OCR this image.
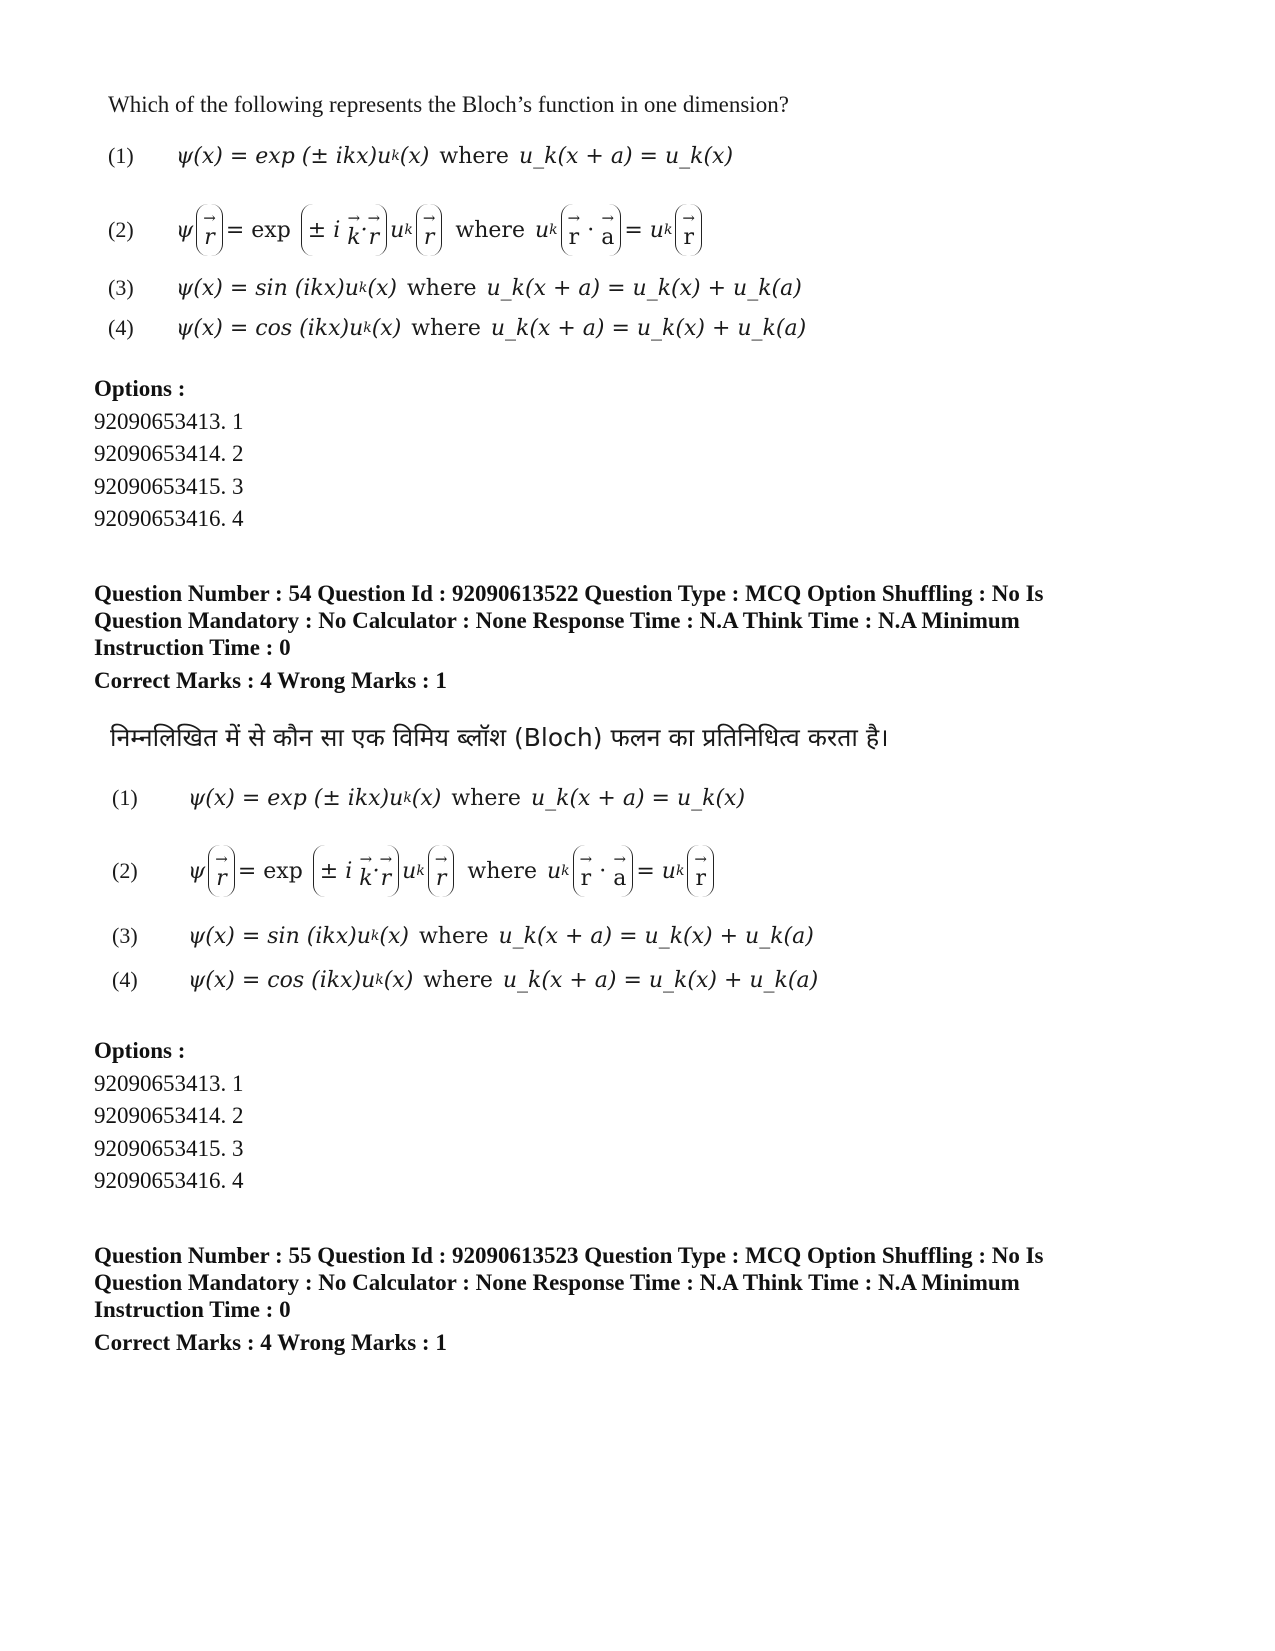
Which of the following represents the Bloch’s function in one dimension?
(1)	ψ(x) =
exp (± ikx) u k (x) where u_k(x + a) = u_k(x)
(2)	ψ →
r = exp
± i
→
k · →
r u k
→
r where u k
→
r
·
→
a = u k
→
r
(3)	ψ(x) =
sin (ikx) u k (x) where u_k(x + a) = u_k(x) + u_k(a)
(4)	ψ(x) =
cos (ikx) u k (x) where u_k(x + a) = u_k(x) + u_k(a)
Options :
92090653413. 1
92090653414. 2
92090653415. 3
92090653416. 4
Question Number : 54 Question Id : 92090613522 Question Type : MCQ Option Shuffling : No Is
Question Mandatory : No Calculator : None Response Time : N.A Think Time : N.A Minimum
Instruction Time : 0
Correct Marks : 4 Wrong Marks : 1
निम्नलिखित में से कौन सा एक विमिय ब्लॉश (Bloch) फलन का प्रतिनिधित्व करता है।
(1)	ψ(x) =
exp (± ikx) u k (x) where u_k(x + a) = u_k(x)
(2)	ψ →
r = exp
± i
→
k · →
r u k
→
r where u k
→
r
·
→
a = u k
→
r
(3)	ψ(x) =
sin (ikx) u k (x) where u_k(x + a) = u_k(x) + u_k(a)
(4)	ψ(x) =
cos (ikx) u k (x) where u_k(x + a) = u_k(x) + u_k(a)
Options :
92090653413. 1
92090653414. 2
92090653415. 3
92090653416. 4
Question Number : 55 Question Id : 92090613523 Question Type : MCQ Option Shuffling : No Is
Question Mandatory : No Calculator : None Response Time : N.A Think Time : N.A Minimum
Instruction Time : 0
Correct Marks : 4 Wrong Marks : 1
